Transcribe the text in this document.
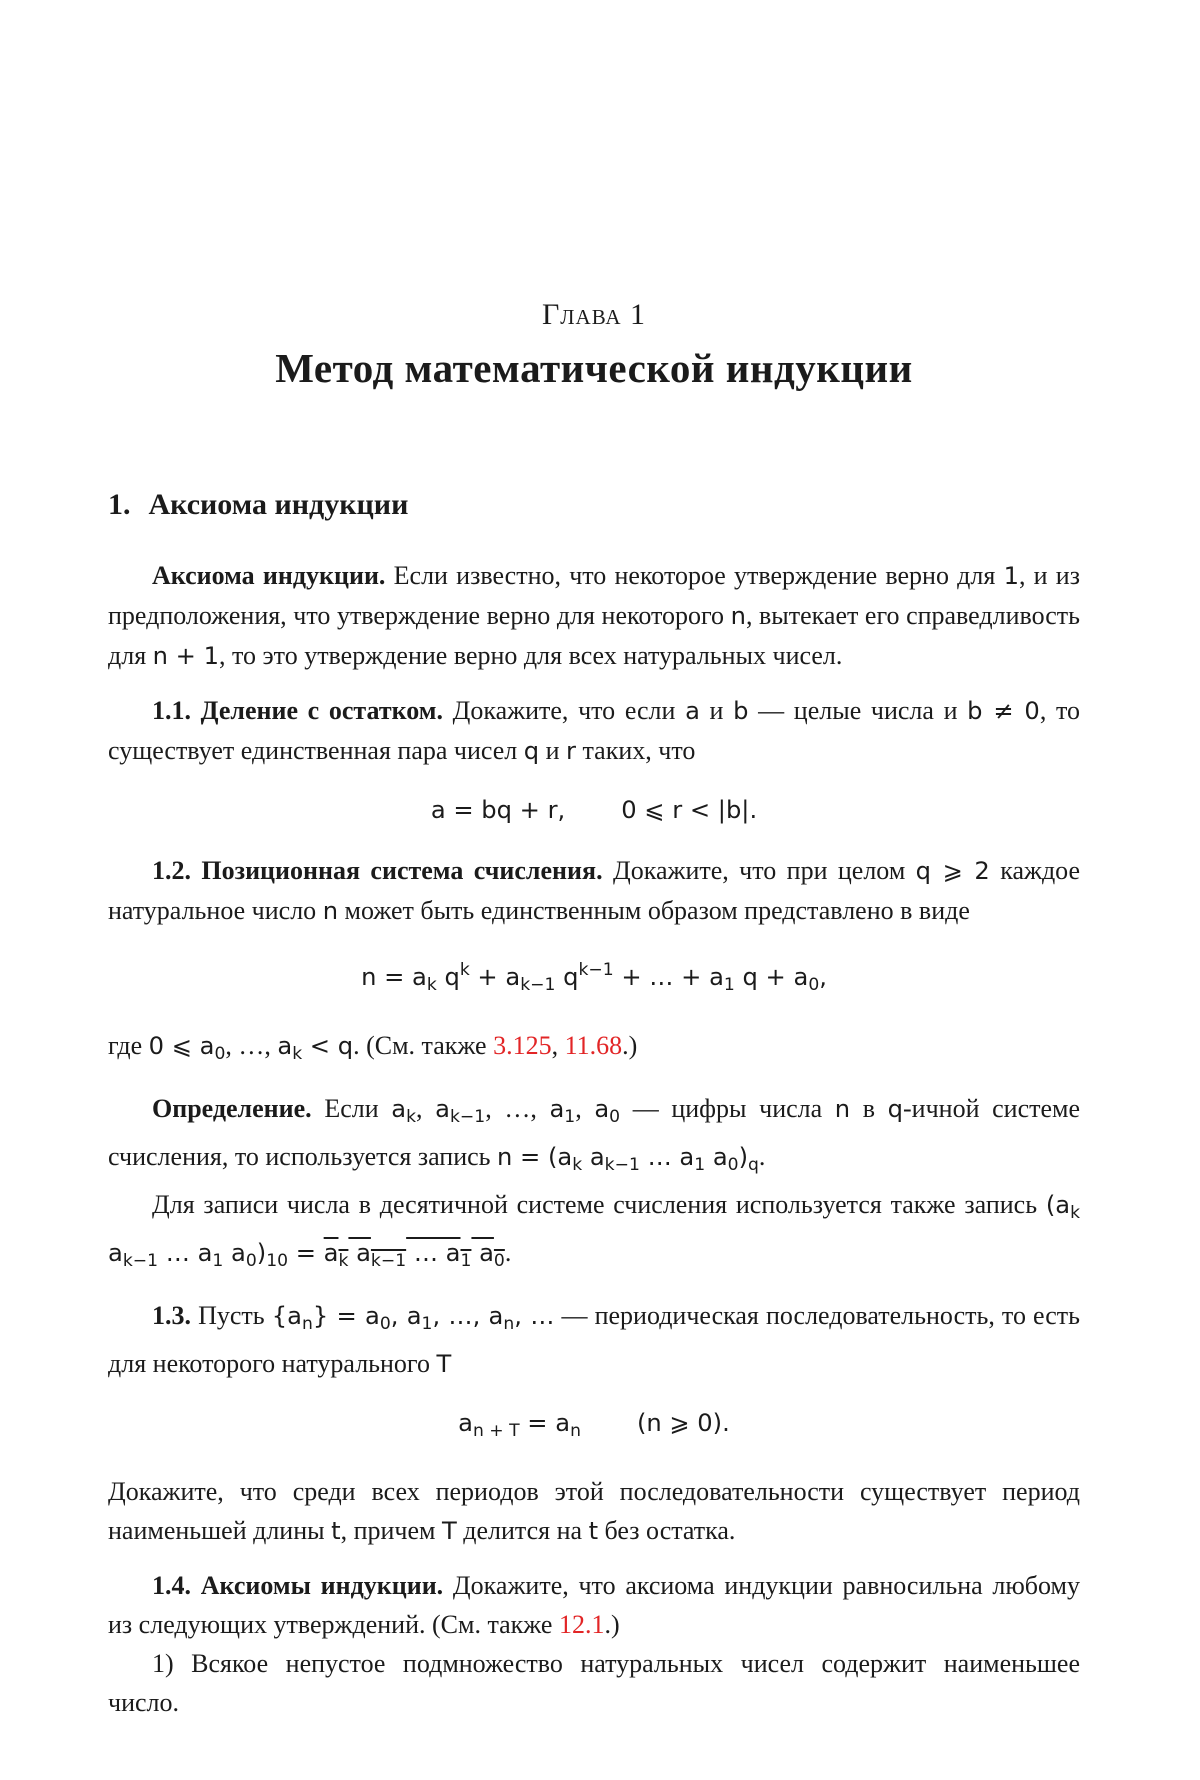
Глава 1

Метод математической индукции
1. Аксиома индукции

Аксиома индукции. Если известно, что некоторое утверждение верно для 1, и из предположения, что утверждение верно для некоторого n, вытекает его справедливость для n + 1, то это утверждение верно для всех натуральных чисел.

1.1. Деление с остатком. Докажите, что если a и b — целые числа и b ≠ 0, то существует единственная пара чисел q и r таких, что

a = bq + r, 0 ⩽ r < |b|.

1.2. Позиционная система счисления. Докажите, что при целом q ⩾ 2 каждое натуральное число n может быть единственным образом представлено в виде

$n = a_k$ $q^k + a_{k-1}$ $q^{k-1}$ + … + $a_1$ $q + a_0$,

где 0 ⩽ $a_0$, …, $a_k < q$. (См. также 3.125, 11.68.)

Определение. Если $a_k$, $a_{k-1}$, …, $a_1$, $a_0$ — цифры числа n в q-ичной системе счисления, то используется запись $n = (a_k$ $a_{k-1}$ … $a_1$ $a_0)_q$.

Для записи числа в десятичной системе счисления используется также запись ($a_k$ $a_{k-1}$ … $a_1$ $a_0)_{10} = a_k$ $a_{k-1}$ … $a_1$ $a_0$.

1.3. Пусть $\{a_n\} = a_0$, $a_1$, …, $a_n$, … — периодическая последовательность, то есть для некоторого натурального T

$a_{n + T} = a_n$ (n ⩾ 0).

Докажите, что среди всех периодов этой последовательности существует период наименьшей длины t, причем T делится на t без остатка.

1.4. Аксиомы индукции. Докажите, что аксиома индукции равносильна любому из следующих утверждений. (См. также 12.1.)

1) Всякое непустое подмножество натуральных чисел содержит наименьшее число.
